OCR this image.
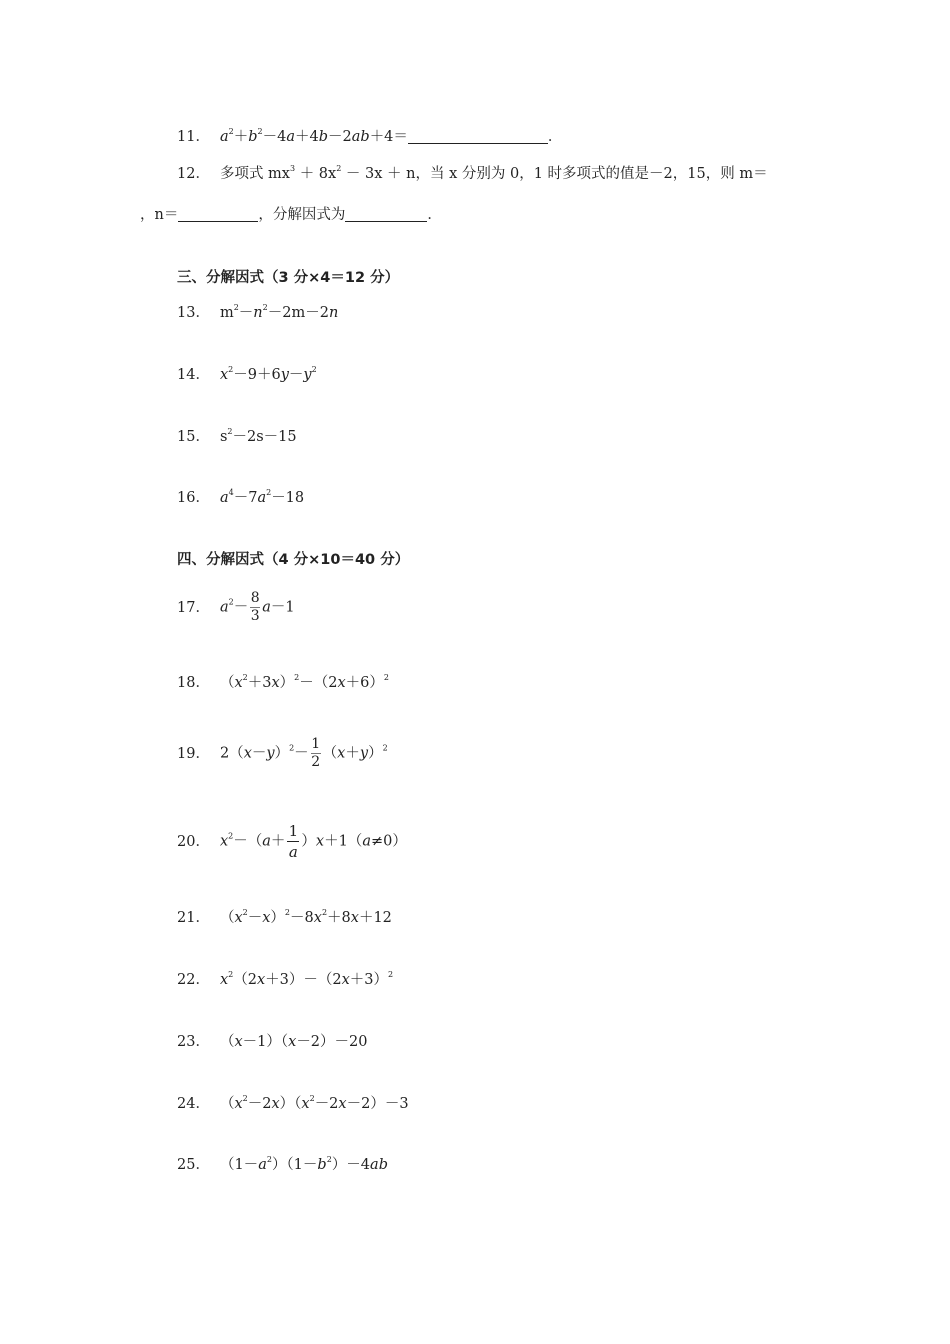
11． $a^2+b^2-4a+4b-2ab+4=$	．
12． 多项式 $mx^3 + 8x^2 - 3x + n$，当 x 分别为 0，1 时多项式的值是－2，15，则 m＝
，n＝	，分解因式为	．
三、分解因式（3 分×4＝12 分）
13． $m^2-n^2-2m-2n$
14． $x^2-9+6y-y^2$
15． $s^2-2s-15$
16． $a^4-7a^2-18$
四、分解因式（4 分×10＝40 分）
17． $a^2- \frac{8}{3} a-1$
18． $(x^2+3x)^2-(2x+6)^2$
19． $2(x-y)^2- \frac{1}{2} (x+y)^2$
20． $x^2-(a+ \frac{1}{a} )x+1(a\ne 0)$
21． $(x^2-x)^2-8x^2+8x+12$
22． $x^2(2x+3)-(2x+3)^2$
23． （x－1）（x－2）－20
24． $(x^2-2x)(x^2-2x-2)-3$
25． $(1-a^2)(1-b^2)-4ab$
